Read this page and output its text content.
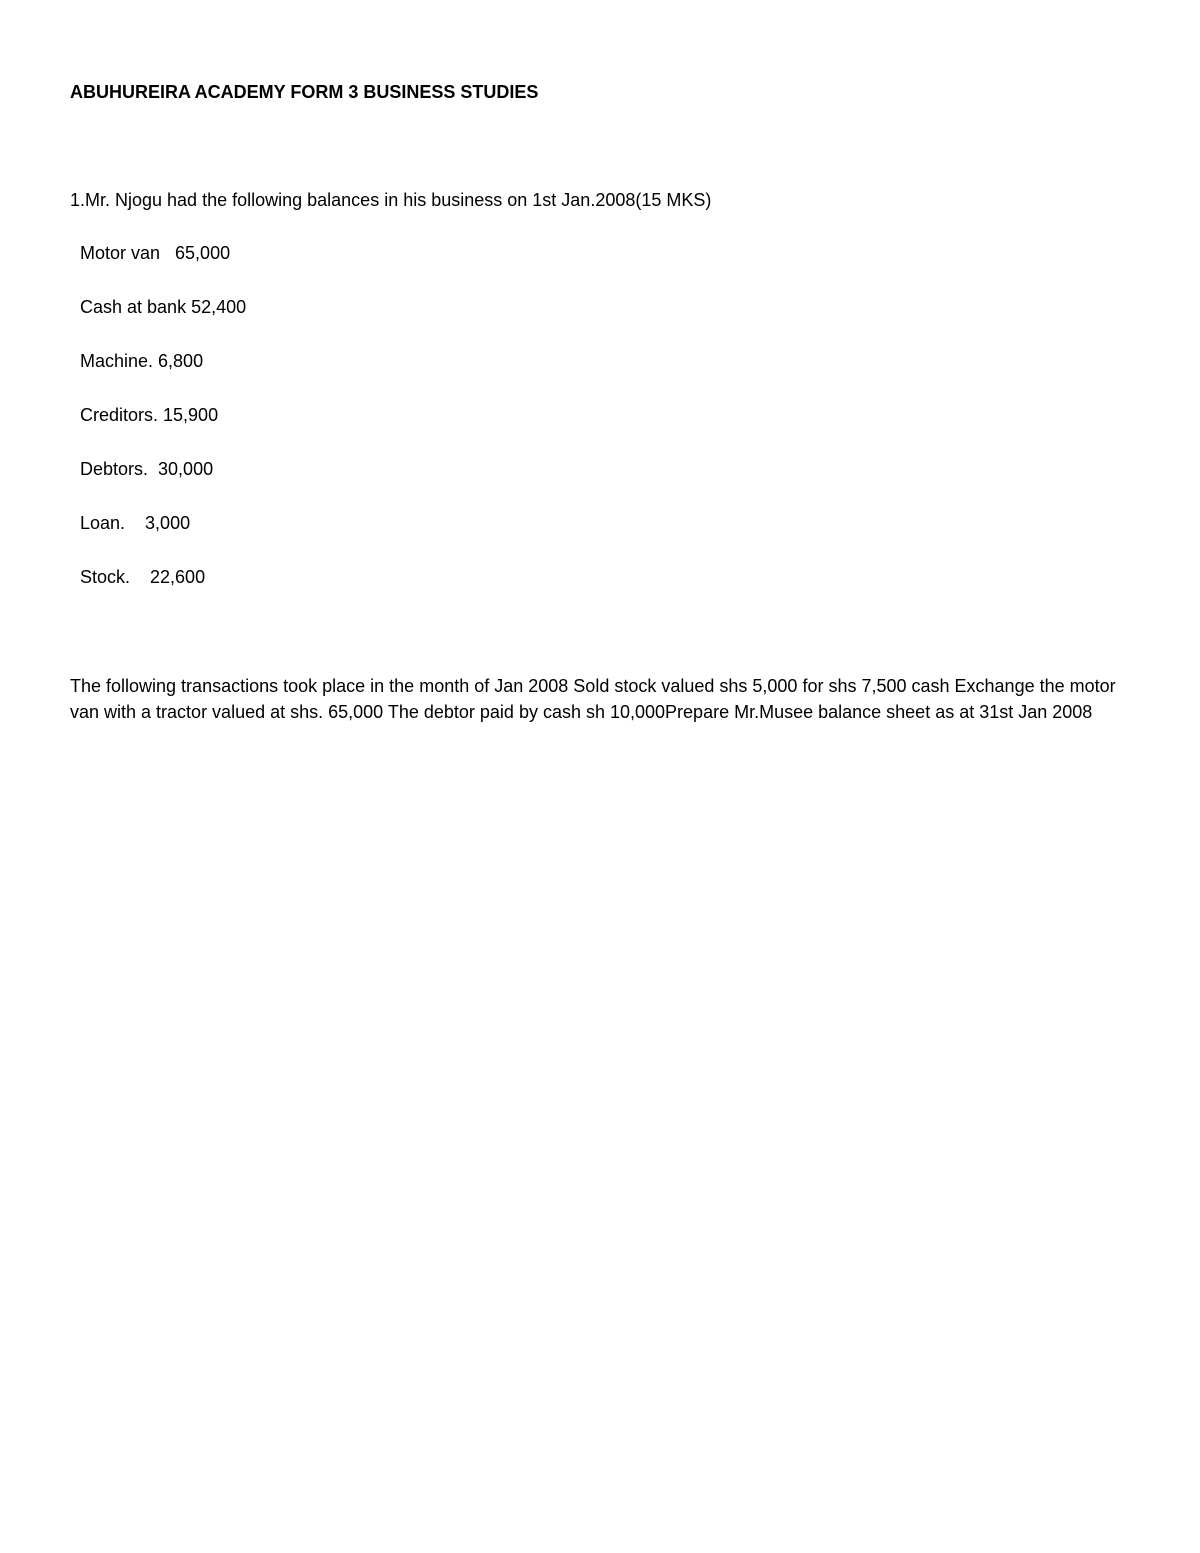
ABUHUREIRA ACADEMY FORM 3 BUSINESS STUDIES
1.Mr. Njogu had the following balances in his business on 1st Jan.2008(15 MKS)
Motor van   65,000
Cash at bank 52,400
Machine. 6,800
Creditors. 15,900
Debtors.  30,000
Loan.    3,000
Stock.    22,600

The following transactions took place in the month of Jan 2008 Sold stock valued shs 5,000 for shs 7,500 cash Exchange the motor van with a tractor valued at shs. 65,000 The debtor paid by cash sh 10,000Prepare Mr.Musee balance sheet as at 31st Jan 2008
